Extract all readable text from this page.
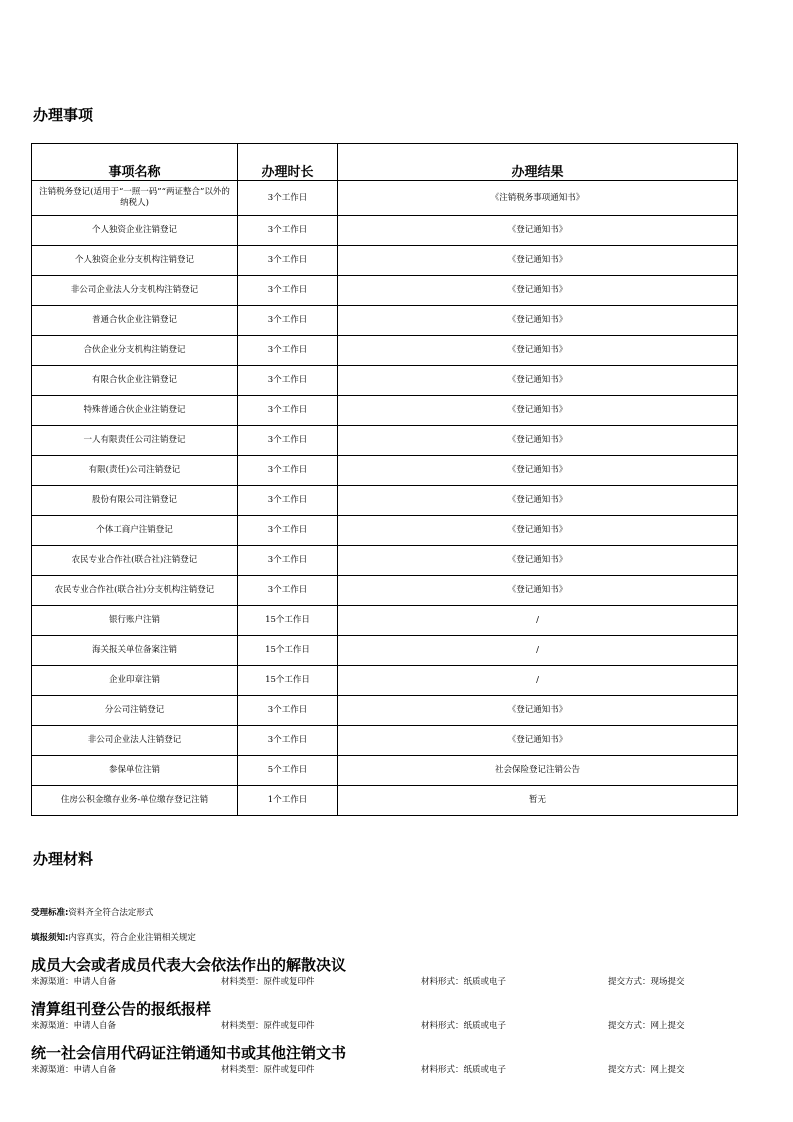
办理事项
事项名称	办理时长	办理结果
注销税务登记(适用于“一照一码”“两证整合”以外的纳税人)	3个工作日	《注销税务事项通知书》
个人独资企业注销登记	3个工作日	《登记通知书》
个人独资企业分支机构注销登记	3个工作日	《登记通知书》
非公司企业法人分支机构注销登记	3个工作日	《登记通知书》
普通合伙企业注销登记	3个工作日	《登记通知书》
合伙企业分支机构注销登记	3个工作日	《登记通知书》
有限合伙企业注销登记	3个工作日	《登记通知书》
特殊普通合伙企业注销登记	3个工作日	《登记通知书》
一人有限责任公司注销登记	3个工作日	《登记通知书》
有限(责任)公司注销登记	3个工作日	《登记通知书》
股份有限公司注销登记	3个工作日	《登记通知书》
个体工商户注销登记	3个工作日	《登记通知书》
农民专业合作社(联合社)注销登记	3个工作日	《登记通知书》
农民专业合作社(联合社)分支机构注销登记	3个工作日	《登记通知书》
银行账户注销	15个工作日	/
海关报关单位备案注销	15个工作日	/
企业印章注销	15个工作日	/
分公司注销登记	3个工作日	《登记通知书》
非公司企业法人注销登记	3个工作日	《登记通知书》
参保单位注销	5个工作日	社会保险登记注销公告
住房公积金缴存业务-单位缴存登记注销	1个工作日	暂无
办理材料
受理标准:资料齐全符合法定形式
填报须知:内容真实，符合企业注销相关规定
成员大会或者成员代表大会依法作出的解散决议
来源渠道：申请人自备	材料类型：原件或复印件	材料形式：纸质或电子	提交方式：现场提交
清算组刊登公告的报纸报样
来源渠道：申请人自备	材料类型：原件或复印件	材料形式：纸质或电子	提交方式：网上提交
统一社会信用代码证注销通知书或其他注销文书
来源渠道：申请人自备	材料类型：原件或复印件	材料形式：纸质或电子	提交方式：网上提交
